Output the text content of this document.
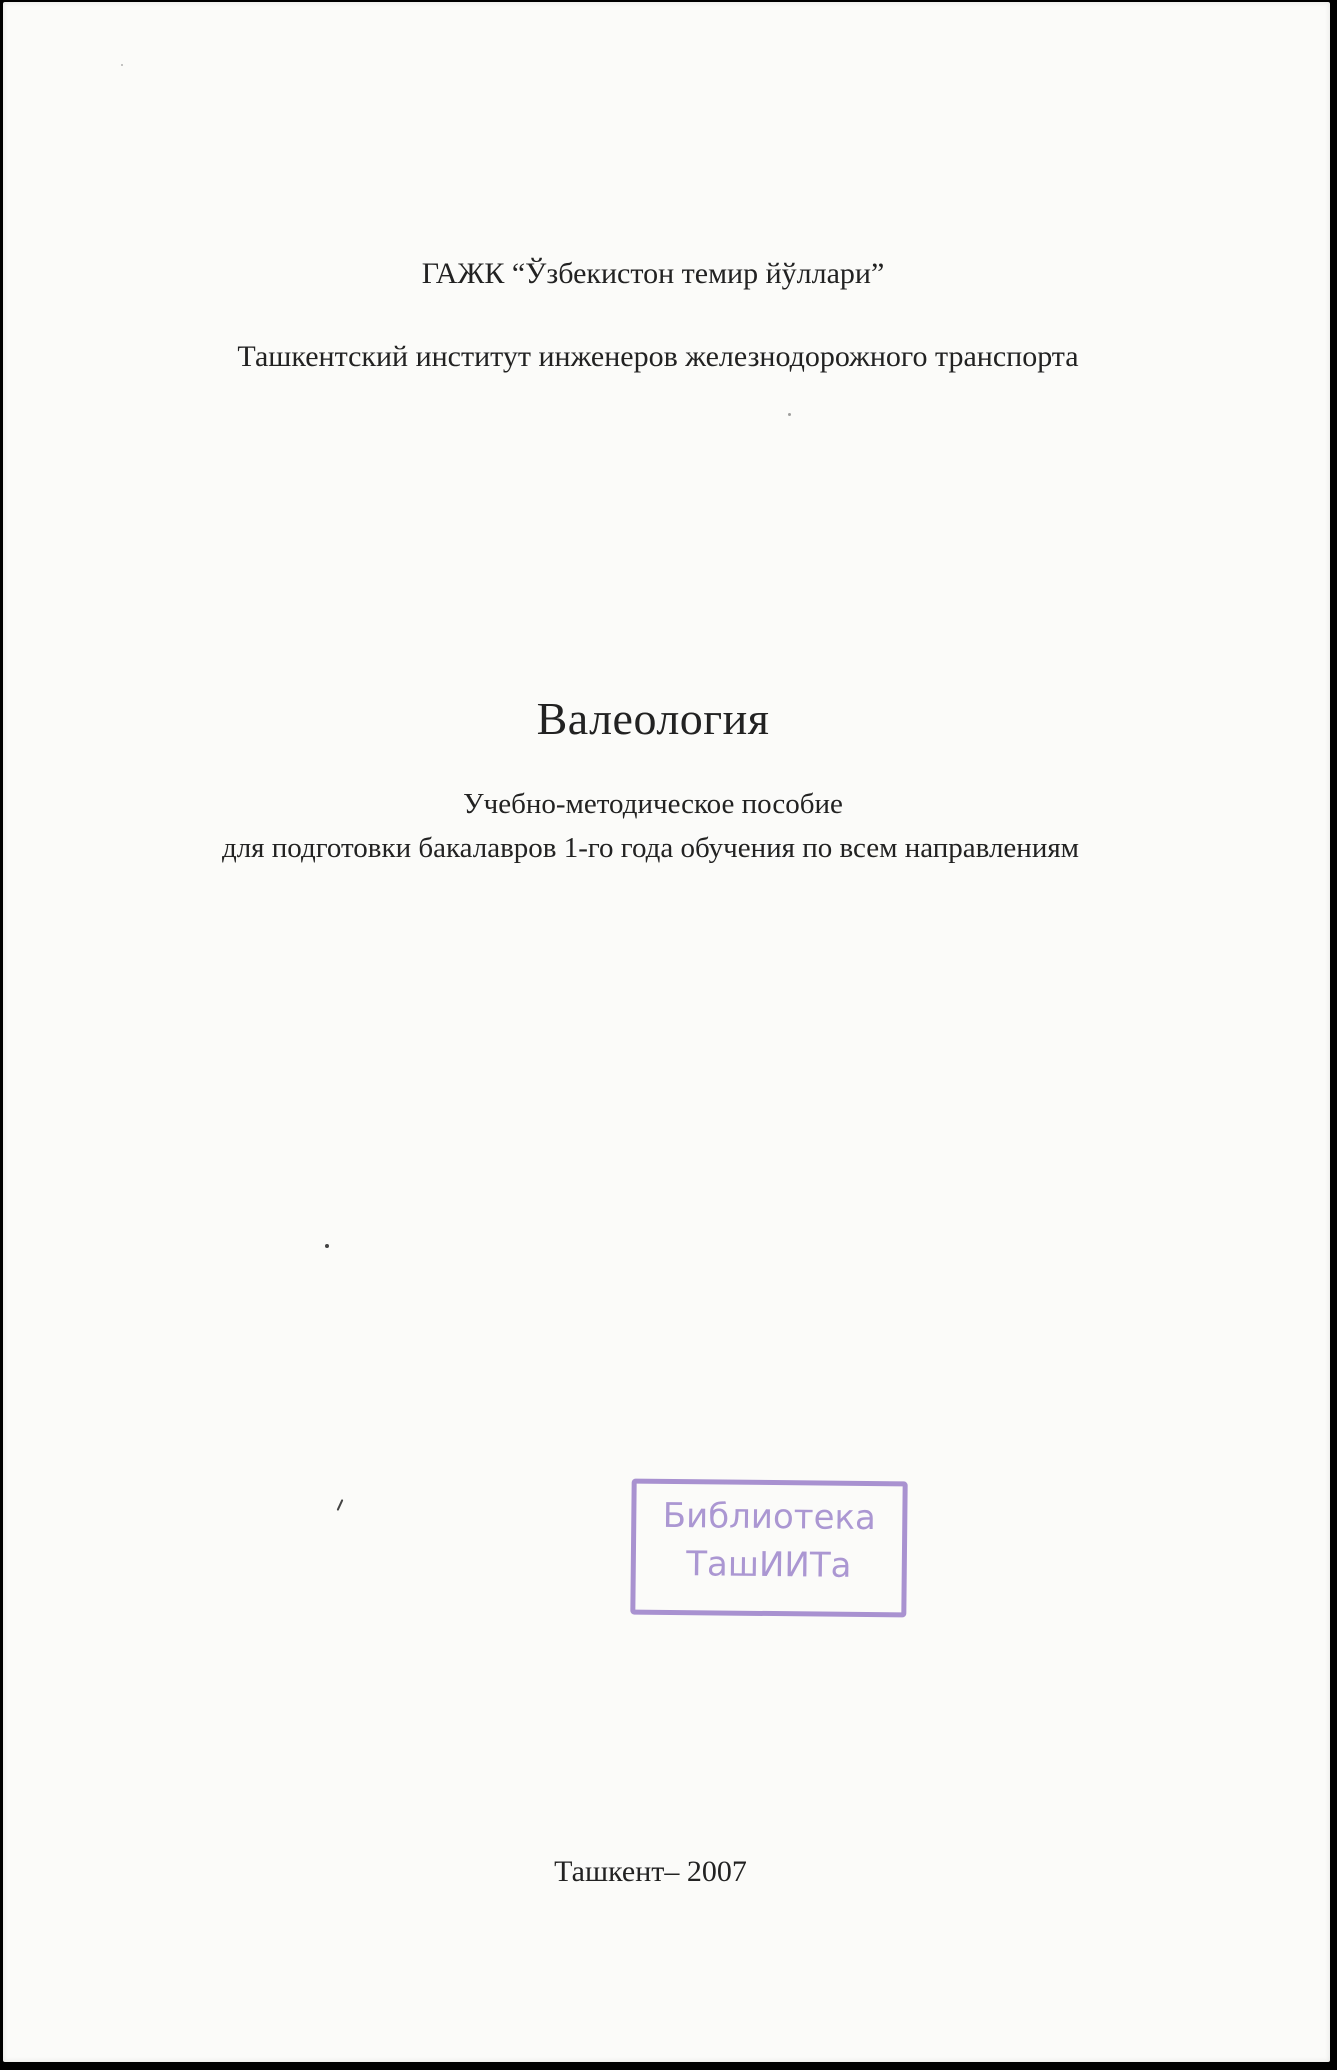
ГАЖК “Ўзбекистон темир йўллари”
Ташкентский институт инженеров железнодорожного транспорта
Валеология
Учебно-методическое пособие
для подготовки бакалавров 1-го года обучения по всем направлениям
Библиотека
ТашИИТа
Ташкент– 2007
